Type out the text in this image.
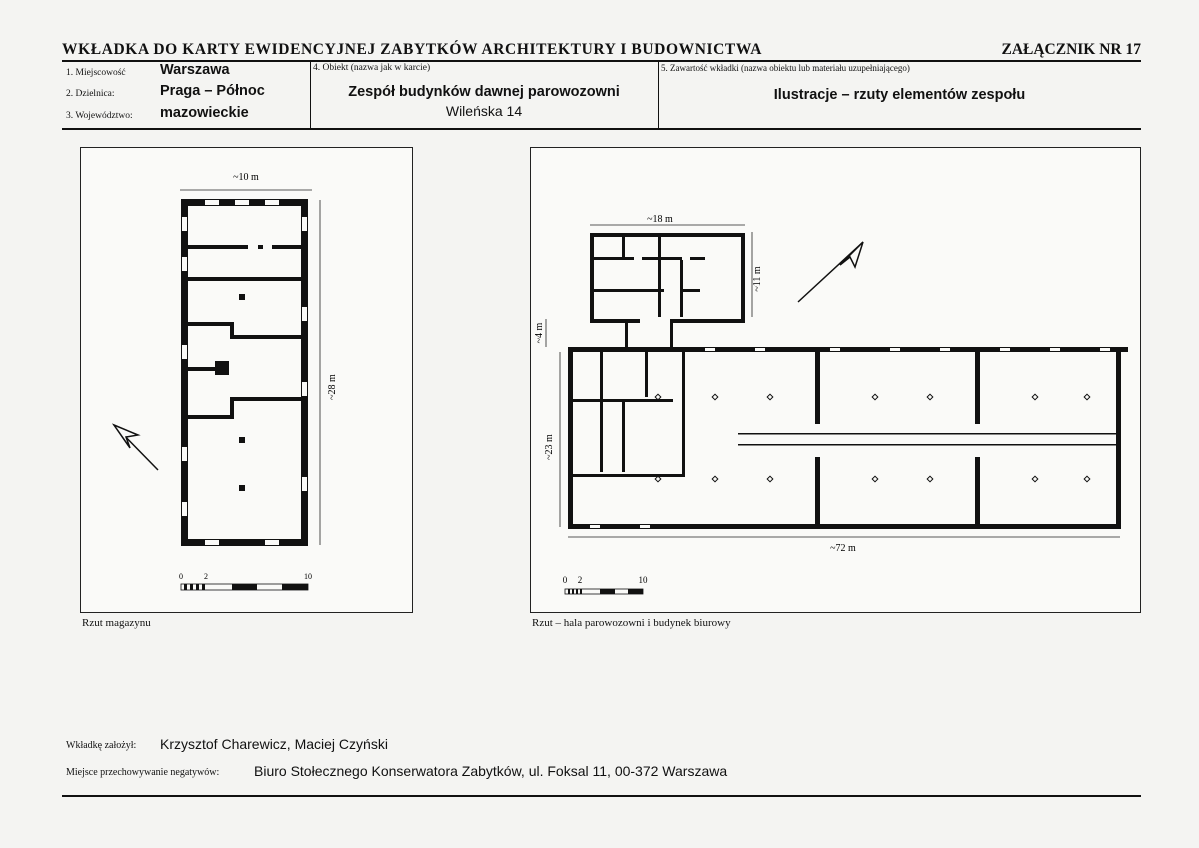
WKŁADKA DO KARTY EWIDENCYJNEJ ZABYTKÓW ARCHITEKTURY I BUDOWNICTWA	ZAŁĄCZNIK NR 17
1. Miejscowość Warszawa
2. Dzielnica:	Praga – Północ
3. Województwo: mazowieckie
4. Obiekt (nazwa jak w karcie)
Zespół budynków dawnej parowozowni
Wileńska 14
5. Zawartość wkładki (nazwa obiektu lub materiału uzupełniającego)
Ilustracje – rzuty elementów zespołu
~10 m
~28 m
0	2	10
Rzut magazynu
~18 m
~11 m
~4 m
~23 m
~72 m
0 2	10
Rzut – hala parowozowni i budynek biurowy
Wkładkę założył: Krzysztof Charewicz, Maciej Czyński
Miejsce przechowywanie negatywów: Biuro Stołecznego Konserwatora Zabytków, ul. Foksal 11, 00-372 Warszawa
